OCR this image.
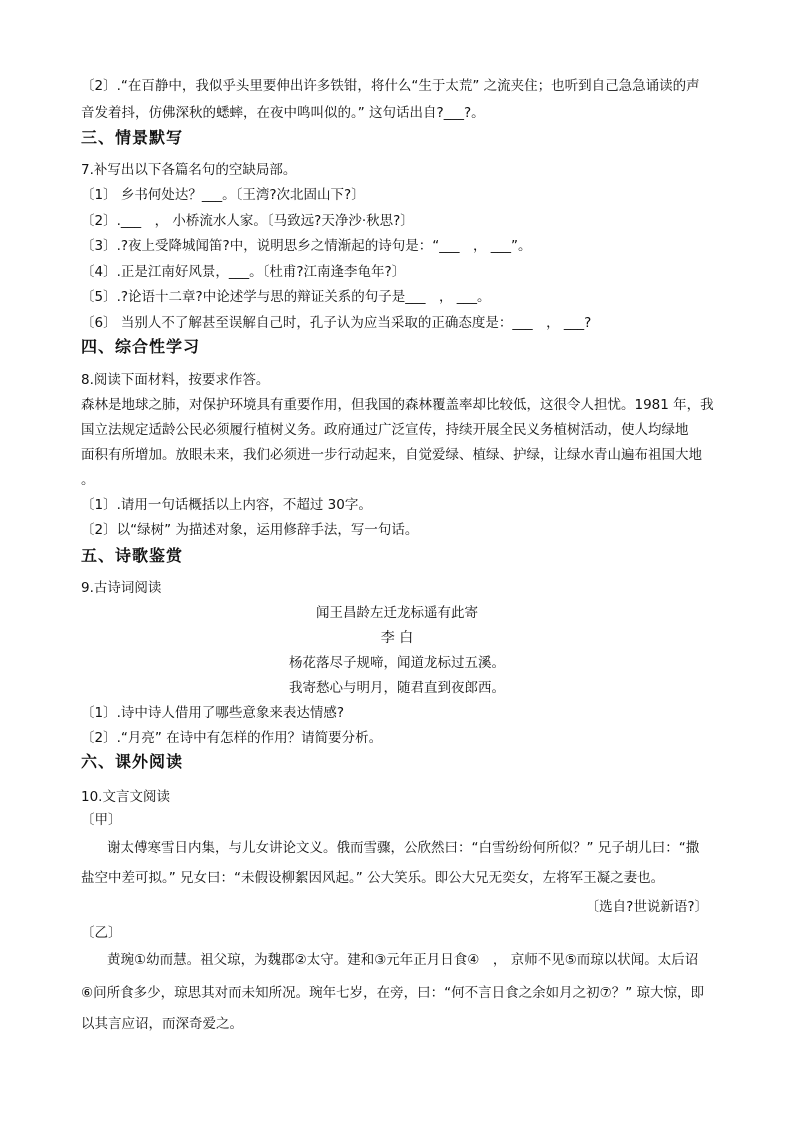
〔2〕.“在百静中，我似乎头里要伸出许多铁钳，将什么“生于太荒” 之流夹住；也听到自己急急诵读的声
音发着抖，仿佛深秋的蟋蟀，在夜中鸣叫似的。” 这句话出自?___?。
三、情景默写
7.补写出以下各篇名句的空缺局部。
〔1〕 乡书何处达？___。〔王湾?次北固山下?〕
〔2〕.___　， 小桥流水人家。〔马致远?天净沙·秋思?〕
〔3〕.?夜上受降城闻笛?中，说明思乡之情渐起的诗句是：“___　， ___”。
〔4〕.正是江南好风景，___。〔杜甫?江南逢李龟年?〕
〔5〕.?论语十二章?中论述学与思的辩证关系的句子是___　， ___。
〔6〕 当别人不了解甚至误解自己时，孔子认为应当采取的正确态度是：___　， ___?
四、综合性学习
8.阅读下面材料，按要求作答。
森林是地球之肺，对保护环境具有重要作用，但我国的森林覆盖率却比较低，这很令人担忧。1981 年，我
国立法规定适龄公民必须履行植树义务。政府通过广泛宣传，持续开展全民义务植树活动，使人均绿地
面积有所增加。放眼未来，我们必须进一步行动起来，自觉爱绿、植绿、护绿，让绿水青山遍布祖国大地
。
〔1〕.请用一句话概括以上内容，不超过 30字。
〔2〕以“绿树” 为描述对象，运用修辞手法，写一句话。
五、诗歌鉴赏
9.古诗词阅读
闻王昌龄左迁龙标遥有此寄
李 白
杨花落尽子规啼，闻道龙标过五溪。
我寄愁心与明月，随君直到夜郎西。
〔1〕.诗中诗人借用了哪些意象来表达情感?
〔2〕.“月亮” 在诗中有怎样的作用？请简要分析。
六、课外阅读
10.文言文阅读
〔甲〕
谢太傅寒雪日内集，与儿女讲论文义。俄而雪骤，公欣然曰：“白雪纷纷何所似？” 兄子胡儿曰：“撒
盐空中差可拟。” 兄女曰：“未假设柳絮因风起。” 公大笑乐。即公大兄无奕女，左将军王凝之妻也。
〔选自?世说新语?〕
〔乙〕
黄琬①幼而慧。祖父琼，为魏郡②太守。建和③元年正月日食④　， 京师不见⑤而琼以状闻。太后诏
⑥问所食多少，琼思其对而未知所况。琬年七岁，在旁，曰：“何不言日食之余如月之初⑦？” 琼大惊，即
以其言应诏，而深奇爱之。
